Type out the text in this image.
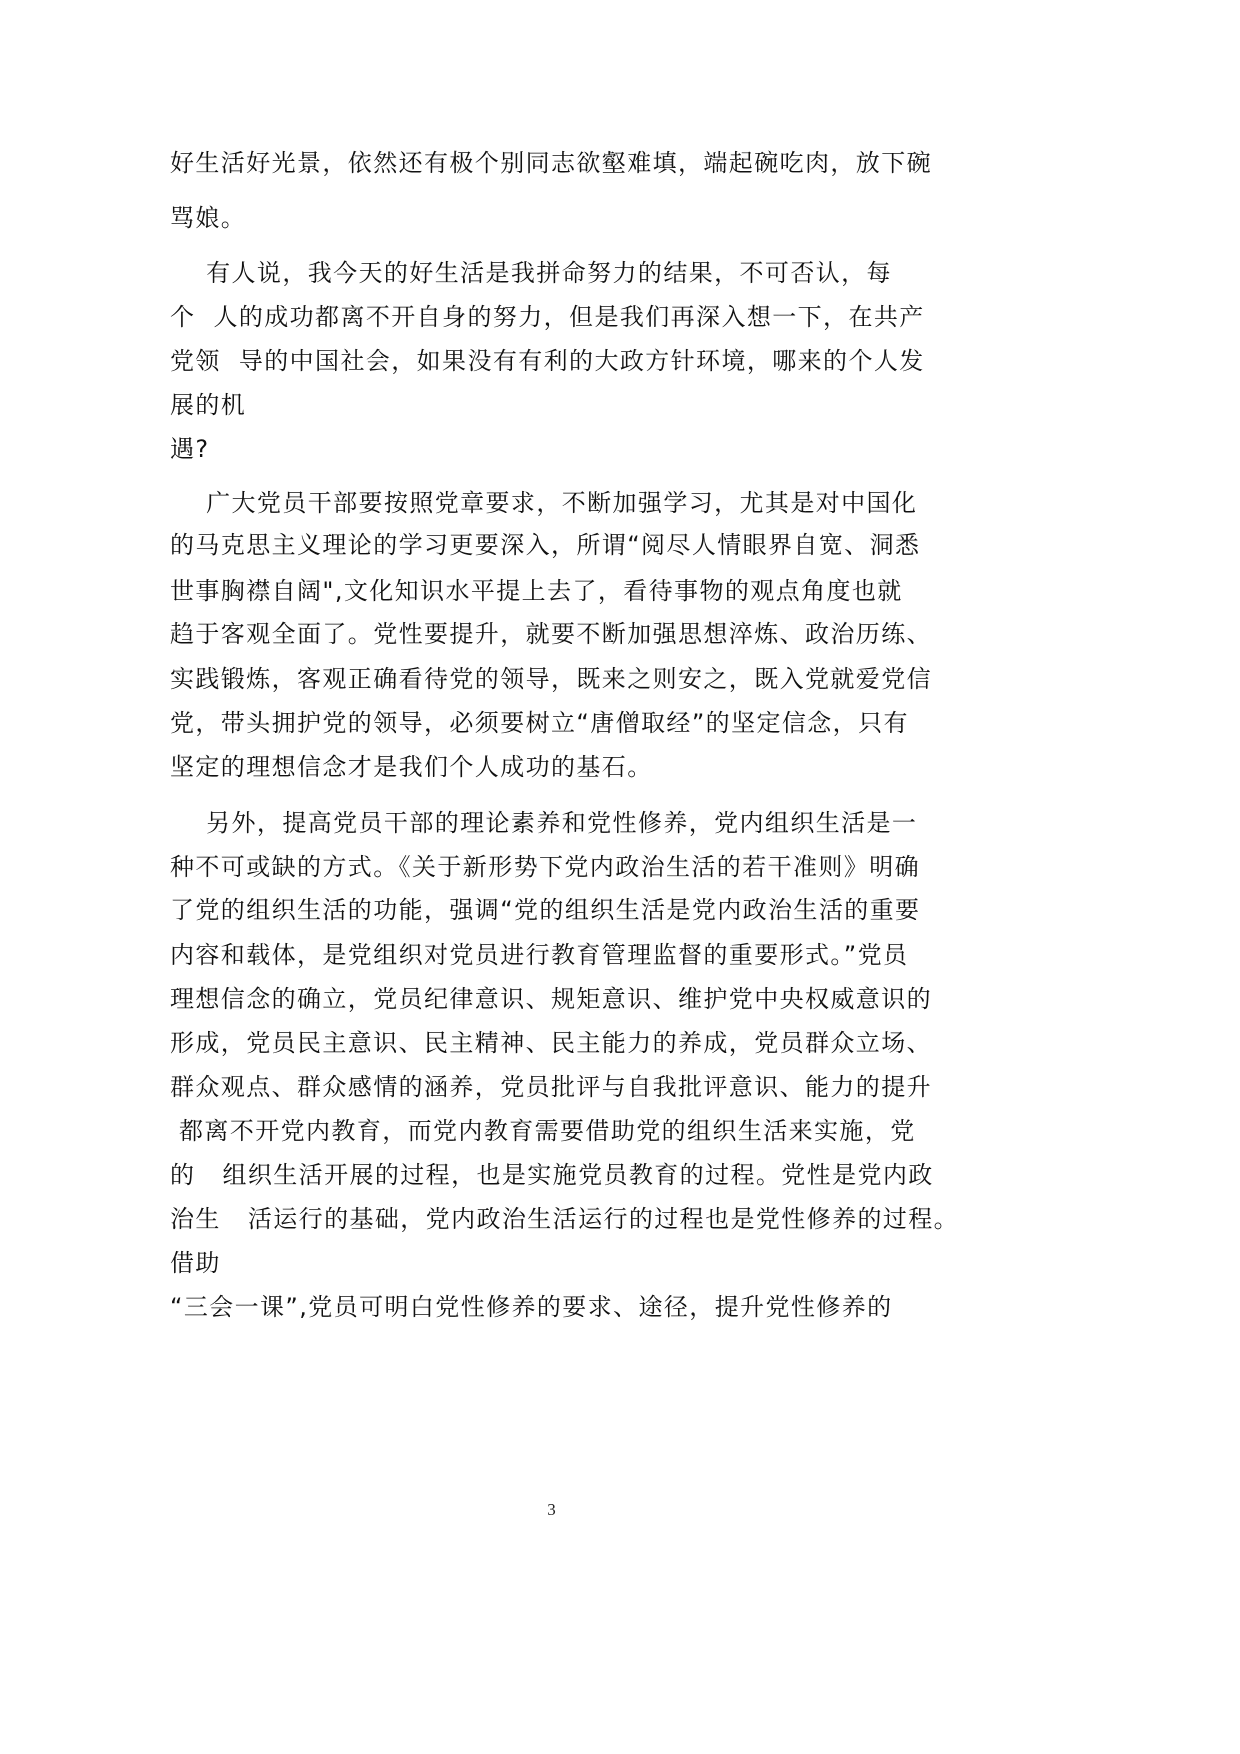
好生活好光景，依然还有极个别同志欲壑难填，端起碗吃肉，放下碗
骂娘。
有人说，我今天的好生活是我拼命努力的结果，不可否认，每
个  人的成功都离不开自身的努力，但是我们再深入想一下，在共产
党领  导的中国社会，如果没有有利的大政方针环境，哪来的个人发
展的机
遇?
广大党员干部要按照党章要求，不断加强学习，尤其是对中国化
的马克思主义理论的学习更要深入，所谓“阅尽人情眼界自宽、洞悉
世事胸襟自阔",文化知识水平提上去了，看待事物的观点角度也就
趋于客观全面了。党性要提升，就要不断加强思想淬炼、政治历练、
实践锻炼，客观正确看待党的领导，既来之则安之，既入党就爱党信
党，带头拥护党的领导，必须要树立“唐僧取经”的坚定信念，只有
坚定的理想信念才是我们个人成功的基石。
另外，提高党员干部的理论素养和党性修养，党内组织生活是一
种不可或缺的方式。《关于新形势下党内政治生活的若干准则》明确
了党的组织生活的功能，强调“党的组织生活是党内政治生活的重要
内容和载体，是党组织对党员进行教育管理监督的重要形式。”党员
理想信念的确立，党员纪律意识、规矩意识、维护党中央权威意识的
形成，党员民主意识、民主精神、民主能力的养成，党员群众立场、
群众观点、群众感情的涵养，党员批评与自我批评意识、能力的提升
都离不开党内教育，而党内教育需要借助党的组织生活来实施，党
的   组织生活开展的过程，也是实施党员教育的过程。党性是党内政
治生   活运行的基础，党内政治生活运行的过程也是党性修养的过程。
借助
“三会一课”,党员可明白党性修养的要求、途径，提升党性修养的
3
